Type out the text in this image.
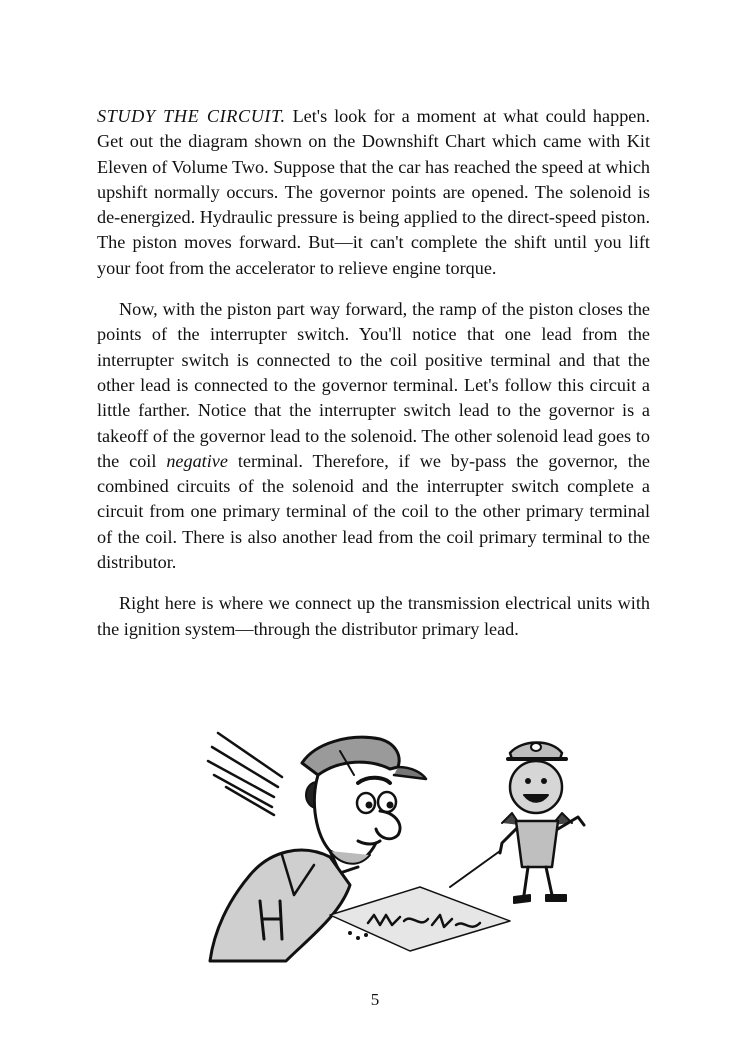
STUDY THE CIRCUIT. Let's look for a moment at what could happen. Get out the diagram shown on the Downshift Chart which came with Kit Eleven of Volume Two. Suppose that the car has reached the speed at which upshift normally occurs. The governor points are opened. The solenoid is de-energized. Hydraulic pressure is being applied to the direct-speed piston. The piston moves forward. But—it can't complete the shift until you lift your foot from the accelerator to relieve engine torque.

Now, with the piston part way forward, the ramp of the piston closes the points of the interrupter switch. You'll notice that one lead from the interrupter switch is connected to the coil positive terminal and that the other lead is connected to the governor terminal. Let's follow this circuit a little farther. Notice that the interrupter switch lead to the governor is a takeoff of the governor lead to the solenoid. The other solenoid lead goes to the coil negative terminal. Therefore, if we by-pass the governor, the combined circuits of the solenoid and the interrupter switch complete a circuit from one primary terminal of the coil to the other primary terminal of the coil. There is also another lead from the coil primary terminal to the distributor.

Right here is where we connect up the transmission electrical units with the ignition system—through the distributor primary lead.

5
